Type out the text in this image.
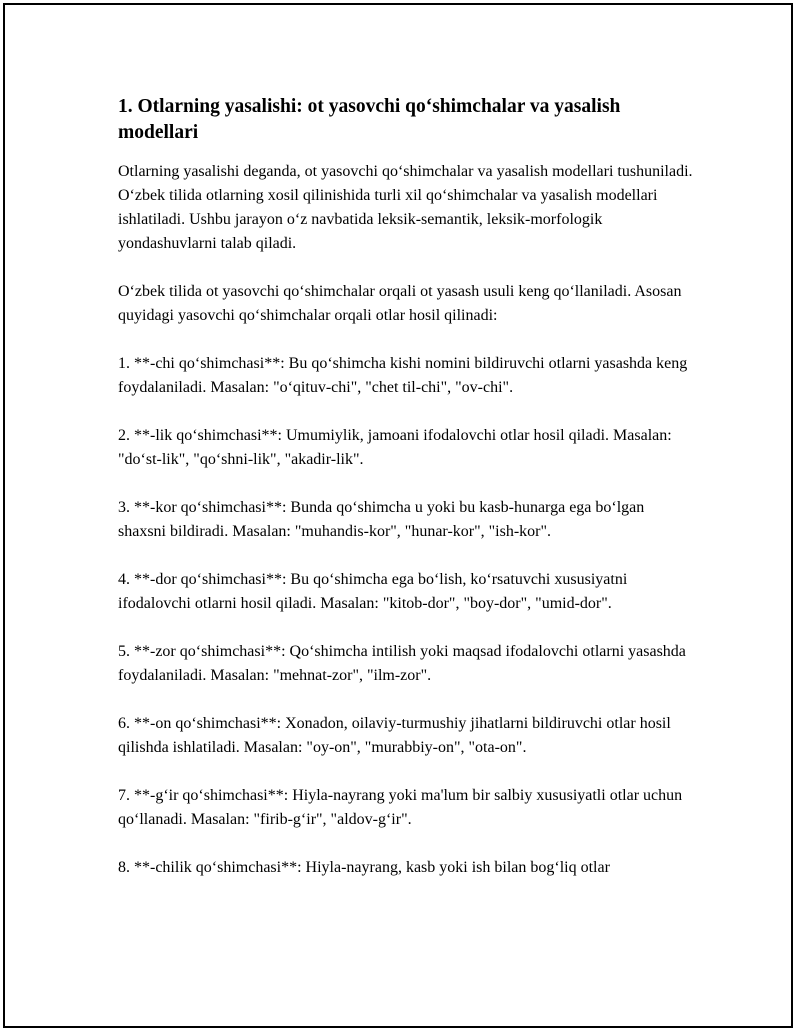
1. Otlarning yasalishi: ot yasovchi qo‘shimchalar va yasalish modellari

Otlarning yasalishi deganda, ot yasovchi qo‘shimchalar va yasalish modellari tushuniladi. O‘zbek tilida otlarning xosil qilinishida turli xil qo‘shimchalar va yasalish modellari ishlatiladi. Ushbu jarayon o‘z navbatida leksik-semantik, leksik-morfologik yondashuvlarni talab qiladi.

O‘zbek tilida ot yasovchi qo‘shimchalar orqali ot yasash usuli keng qo‘llaniladi. Asosan quyidagi yasovchi qo‘shimchalar orqali otlar hosil qilinadi:

1. **-chi qo‘shimchasi**: Bu qo‘shimcha kishi nomini bildiruvchi otlarni yasashda keng foydalaniladi. Masalan: "o‘qituv-chi", "chet til-chi", "ov-chi".

2. **-lik qo‘shimchasi**: Umumiylik, jamoani ifodalovchi otlar hosil qiladi. Masalan: "do‘st-lik", "qo‘shni-lik", "akadir-lik".

3. **-kor qo‘shimchasi**: Bunda qo‘shimcha u yoki bu kasb-hunarga ega bo‘lgan shaxsni bildiradi. Masalan: "muhandis-kor", "hunar-kor", "ish-kor".

4. **-dor qo‘shimchasi**: Bu qo‘shimcha ega bo‘lish, ko‘rsatuvchi xususiyatni ifodalovchi otlarni hosil qiladi. Masalan: "kitob-dor", "boy-dor", "umid-dor".

5. **-zor qo‘shimchasi**: Qo‘shimcha intilish yoki maqsad ifodalovchi otlarni yasashda foydalaniladi. Masalan: "mehnat-zor", "ilm-zor".

6. **-on qo‘shimchasi**: Xonadon, oilaviy-turmushiy jihatlarni bildiruvchi otlar hosil qilishda ishlatiladi. Masalan: "oy-on", "murabbiy-on", "ota-on".

7. **-g‘ir qo‘shimchasi**: Hiyla-nayrang yoki ma'lum bir salbiy xususiyatli otlar uchun qo‘llanadi. Masalan: "firib-g‘ir", "aldov-g‘ir".

8. **-chilik qo‘shimchasi**: Hiyla-nayrang, kasb yoki ish bilan bog‘liq otlar
